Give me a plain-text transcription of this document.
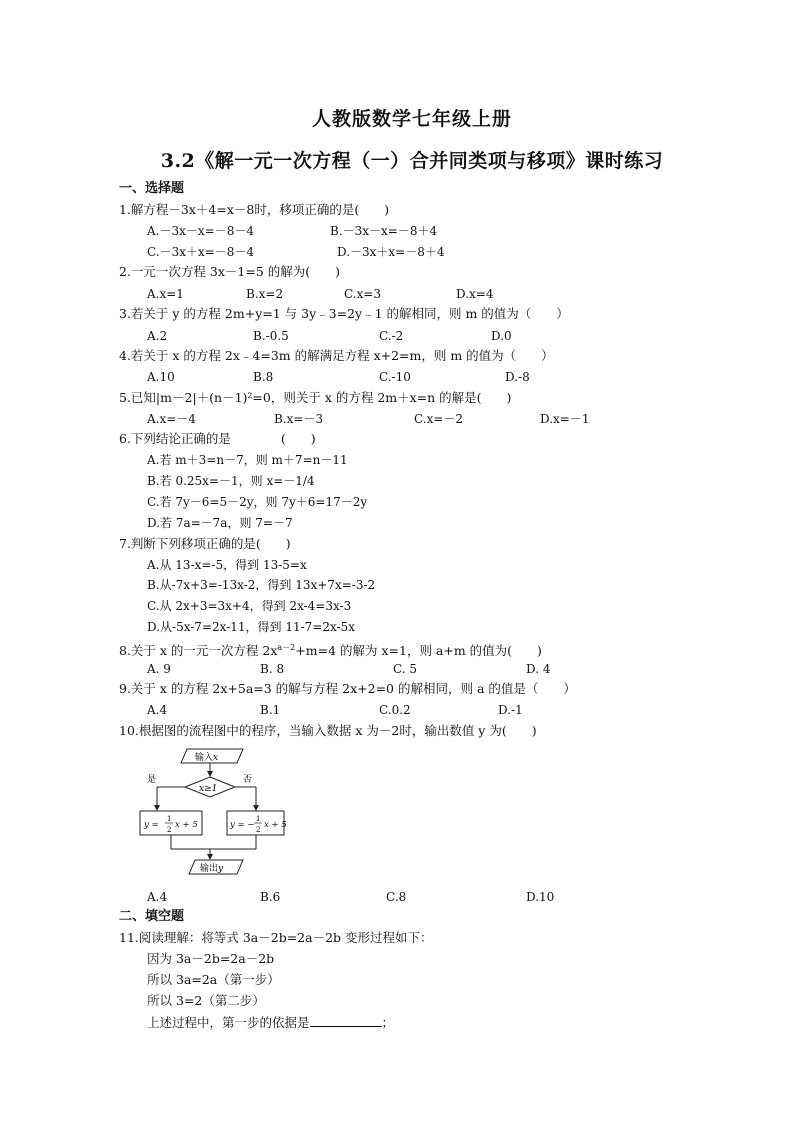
人教版数学七年级上册
3.2《解一元一次方程（一）合并同类项与移项》课时练习
一、选择题
1.解方程－3x＋4=x－8时，移项正确的是(　　)
A.－3x－x=－8－4	B.－3x－x=－8＋4
C.－3x＋x=－8－4	D.－3x＋x=－8＋4
2.一元一次方程 3x－1=5 的解为(　　)
A.x=1	B.x=2	C.x=3	D.x=4
3.若关于 y 的方程 2m+y=1 与 3y﹣3=2y﹣1 的解相同，则 m 的值为（　　）
A.2	B.-0.5	C.-2	D.0
4.若关于 x 的方程 2x﹣4=3m 的解满足方程 x+2=m，则 m 的值为（　　）
A.10	B.8	C.-10	D.-8
5.已知|m－2|＋(n－1)²=0，则关于 x 的方程 2m＋x=n 的解是(　　)
A.x=－4	B.x=－3	C.x=－2	D.x=－1
6.下列结论正确的是　　　　(　　)
A.若 m＋3=n－7，则 m＋7=n－11
B.若 0.25x=－1，则 x=－1/4
C.若 7y－6=5－2y，则 7y＋6=17－2y
D.若 7a=－7a，则 7=－7
7.判断下列移项正确的是(　　)
A.从 13-x=-5，得到 13-5=x
B.从-7x+3=-13x-2，得到 13x+7x=-3-2
C.从 2x+3=3x+4，得到 2x-4=3x-3
D.从-5x-7=2x-11，得到 11-7=2x-5x
8.关于 x 的一元一次方程 $2x^{a-2}+m=4$ 的解为 x=1，则 a+m 的值为(　　)
A. 9	B. 8	C. 5	D. 4
9.关于 x 的方程 2x+5a=3 的解与方程 2x+2=0 的解相同，则 a 的值是（　　）
A.4	B.1	C.0.2	D.-1
10.根据图的流程图中的程序，当输入数据 x 为－2时，输出数值 y 为(　　)
输入x
x≥1
是	否
y =
1
2 x + 5	y = −
1
2 x + 5
输出y
A.4	B.6	C.8	D.10
二、填空题
11.阅读理解：将等式 3a－2b=2a－2b 变形过程如下：
因为 3a－2b=2a－2b
所以 3a=2a（第一步）
所以 3=2（第二步）
上述过程中，第一步的依据是	；
